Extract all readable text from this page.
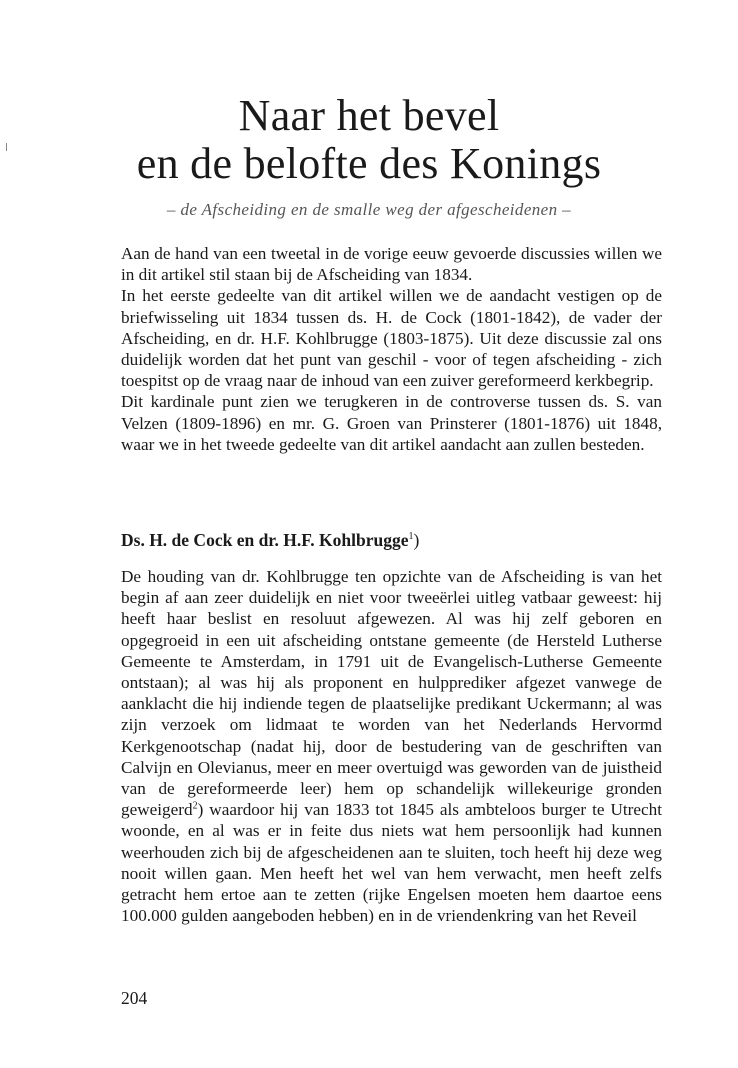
Naar het bevel
en de belofte des Konings
– de Afscheiding en de smalle weg der afgescheidenen –

Aan de hand van een tweetal in de vorige eeuw gevoerde discussies willen we in dit artikel stil staan bij de Afscheiding van 1834.

In het eerste gedeelte van dit artikel willen we de aandacht vestigen op de briefwisseling uit 1834 tussen ds. H. de Cock (1801-1842), de vader der Afscheiding, en dr. H.F. Kohlbrugge (1803-1875). Uit deze discussie zal ons duidelijk worden dat het punt van geschil - voor of tegen afscheiding - zich toespitst op de vraag naar de inhoud van een zuiver gereformeerd kerkbegrip.

Dit kardinale punt zien we terugkeren in de controverse tussen ds. S. van Velzen (1809-1896) en mr. G. Groen van Prinsterer (1801-1876) uit 1848, waar we in het tweede gedeelte van dit artikel aandacht aan zullen besteden.

Ds. H. de Cock en dr. H.F. Kohlbrugge$^1$)

De houding van dr. Kohlbrugge ten opzichte van de Afscheiding is van het begin af aan zeer duidelijk en niet voor tweeërlei uitleg vatbaar geweest: hij heeft haar beslist en resoluut afgewezen. Al was hij zelf geboren en opgegroeid in een uit afscheiding ontstane gemeente (de Hersteld Lutherse Gemeente te Amsterdam, in 1791 uit de Evangelisch-Lutherse Gemeente ontstaan); al was hij als proponent en hulpprediker afgezet vanwege de aanklacht die hij indiende tegen de plaatselijke predikant Uckermann; al was zijn verzoek om lidmaat te worden van het Nederlands Hervormd Kerkgenootschap (nadat hij, door de bestudering van de geschriften van Calvijn en Olevianus, meer en meer overtuigd was geworden van de juistheid van de gereformeerde leer) hem op schandelijk willekeurige gronden geweigerd$^2$) waardoor hij van 1833 tot 1845 als ambteloos burger te Utrecht woonde, en al was er in feite dus niets wat hem persoonlijk had kunnen weerhouden zich bij de afgescheidenen aan te sluiten, toch heeft hij deze weg nooit willen gaan. Men heeft het wel van hem verwacht, men heeft zelfs getracht hem ertoe aan te zetten (rijke Engelsen moeten hem daartoe eens 100.000 gulden aangeboden hebben) en in de vriendenkring van het Reveil

204
